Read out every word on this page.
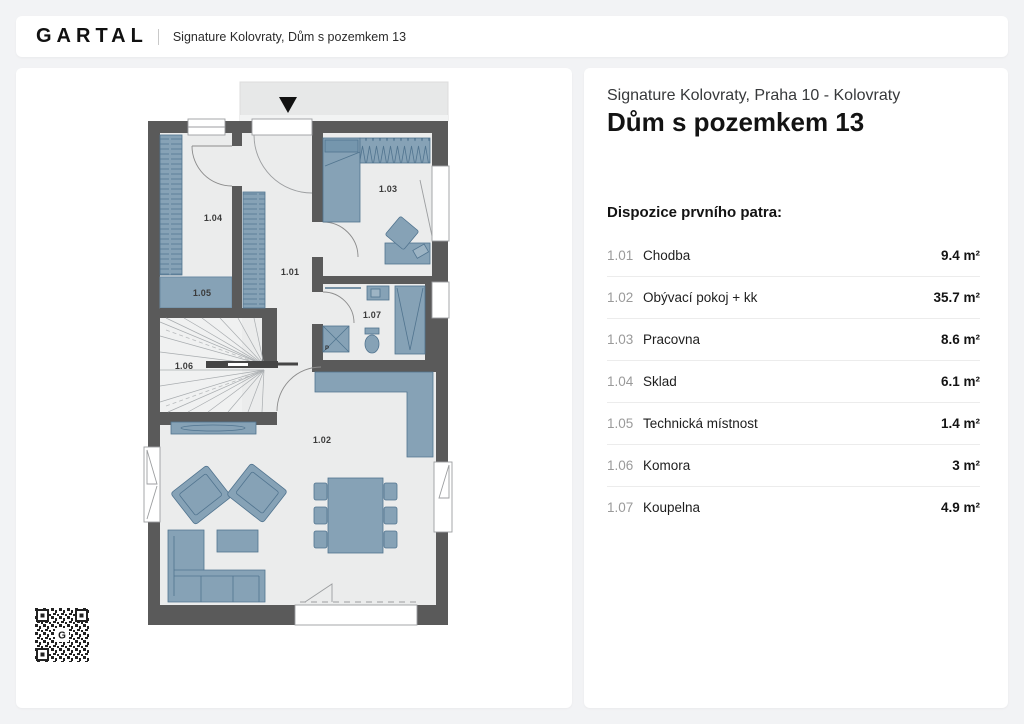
GARTAL Signature Kolovraty, Dům s pozemkem 13
1.01
1.02
1.03
1.04
1.05
1.06
1.07
P
G
Signature Kolovraty, Praha 10 - Kolovraty
Dům s pozemkem 13
Dispozice prvního patra:
1.01 Chodba	9.4 m²
1.02 Obývací pokoj + kk	35.7 m²
1.03 Pracovna	8.6 m²
1.04 Sklad	6.1 m²
1.05 Technická místnost	1.4 m²
1.06 Komora	3 m²
1.07 Koupelna	4.9 m²
